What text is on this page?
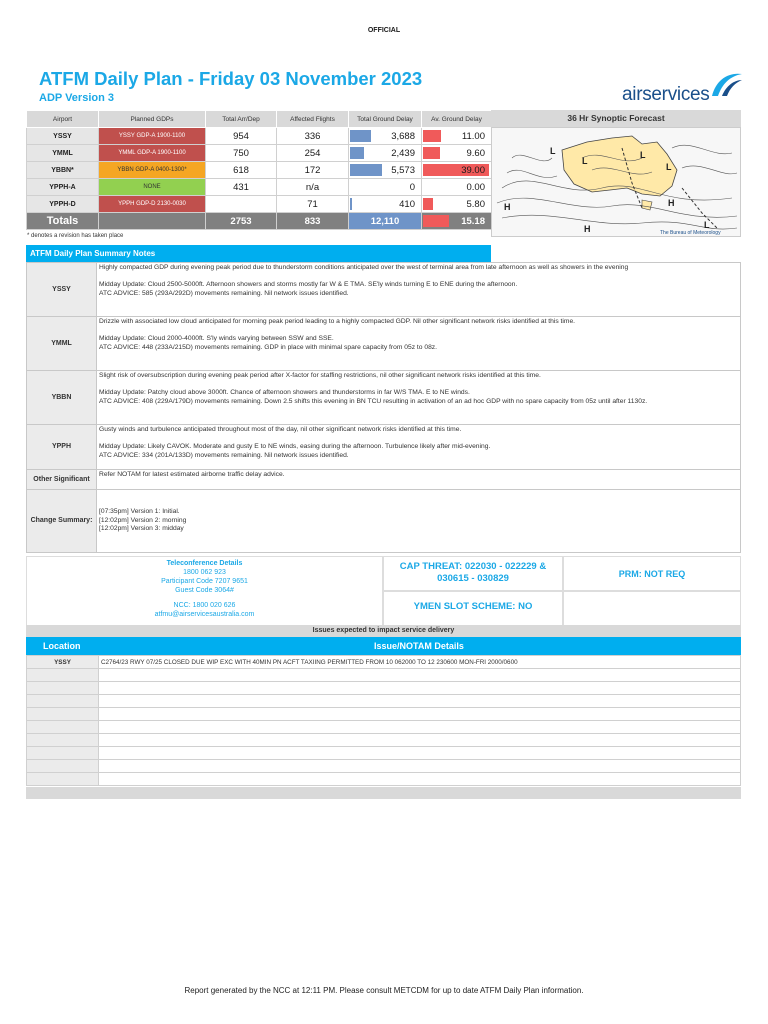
OFFICIAL
ATFM Daily Plan - Friday 03 November 2023
ADP Version 3	airservices
Airport	Planned GDPs	Total Arr/Dep	Affected Flights	Total Ground Delay	Av. Ground Delay
YSSY	YSSY GDP-A 1900-1100	954	336	3,688	11.00
YMML	YMML GDP-A 1900-1100	750	254	2,439	9.60
YBBN*	YBBN GDP-A 0400-1300*	618	172	5,573	39.00
YPPH-A	NONE	431	n/a	0	0.00
YPPH-D	YPPH GDP-D 2130-0030		71	410	5.80
Totals		2753	833	12,110	15.18
36 Hr Synoptic Forecast
L
L
L
H
H
H
L
L
The Bureau of Meteorology
* denotes a revision has taken place
ATFM Daily Plan Summary Notes
YSSY	Highly compacted GDP during evening peak period due to thunderstorm conditions anticipated over the west of terminal area from late afternoon as well as showers in the evening

Midday Update: Cloud 2500-5000ft. Afternoon showers and storms mostly far W & E TMA. SE'ly winds turning E to ENE during the afternoon.

ATC ADVICE: 585 (293A/292D) movements remaining. Nil network issues identified.

YMML	Drizzle with associated low cloud anticipated for morning peak period leading to a highly compacted GDP. Nil other significant network risks identified at this time.

Midday Update: Cloud 2000-4000ft. S'ly winds varying between SSW and SSE.

ATC ADVICE: 448 (233A/215D) movements remaining. GDP in place with minimal spare capacity from 05z to 08z.

YBBN	Slight risk of oversubscription during evening peak period after X-factor for staffing restrictions, nil other significant network risks identified at this time.

Midday Update: Patchy cloud above 3000ft. Chance of afternoon showers and thunderstorms in far W/S TMA. E to NE winds.

ATC ADVICE: 408 (229A/179D) movements remaining. Down 2.5 shifts this evening in BN TCU resulting in activation of an ad hoc GDP with no spare capacity from 05z until after 1130z.

YPPH	Gusty winds and turbulence anticipated throughout most of the day, nil other significant network risks identified at this time.

Midday Update: Likely CAVOK. Moderate and gusty E to NE winds, easing during the afternoon. Turbulence likely after mid-evening.

ATC ADVICE: 334 (201A/133D) movements remaining. Nil network issues identified.

Other Significant	Refer NOTAM for latest estimated airborne traffic delay advice.
Change Summary:	[07:35pm] Version 1: Initial.

[12:02pm] Version 2: morning

[12:02pm] Version 3: midday

Teleconference Details
1800 062 923
Participant Code 7207 9651
Guest Code 3064#
NCC: 1800 020 626
atfmu@airservicesaustralia.com
CAP THREAT: 022030 - 022229 & 030615 - 030829	PRM: NOT REQ
YMEN SLOT SCHEME: NO
Issues expected to impact service delivery
Location	Issue/NOTAM Details
YSSY	C2764/23 RWY 07/25 CLOSED DUE WIP EXC WITH 40MIN PN ACFT TAXIING PERMITTED FROM 10 062000 TO 12 230600 MON-FRI 2000/0600

Report generated by the NCC at 12:11 PM. Please consult METCDM for up to date ATFM Daily Plan information.
